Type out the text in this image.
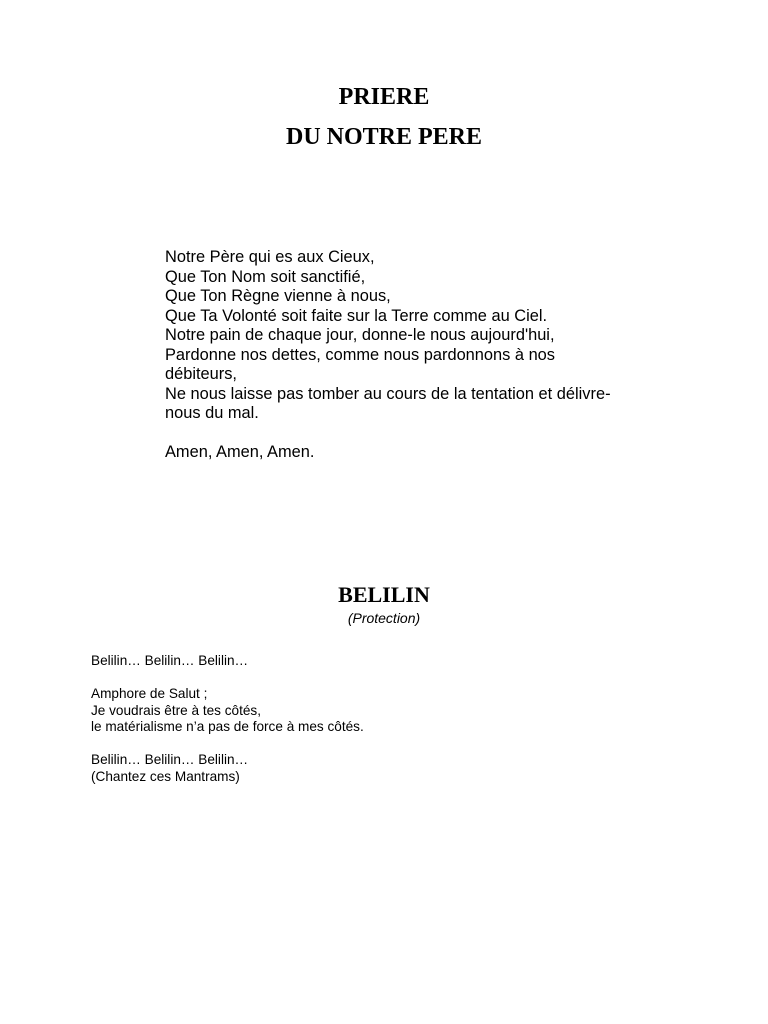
PRIERE
DU NOTRE PERE
Notre Père qui es aux Cieux,
Que Ton Nom soit sanctifié,
Que Ton Règne vienne à nous,
Que Ta Volonté soit faite sur la Terre comme au Ciel.
Notre pain de chaque jour, donne-le nous aujourd'hui,
Pardonne nos dettes, comme nous pardonnons à nos
débiteurs,
Ne nous laisse pas tomber au cours de la tentation et délivre-
nous du mal.
Amen, Amen, Amen.
BELILIN
(Protection)
Belilin… Belilin… Belilin…
Amphore de Salut ;
Je voudrais être à tes côtés,
le matérialisme n’a pas de force à mes côtés.
Belilin… Belilin… Belilin…
(Chantez ces Mantrams)
